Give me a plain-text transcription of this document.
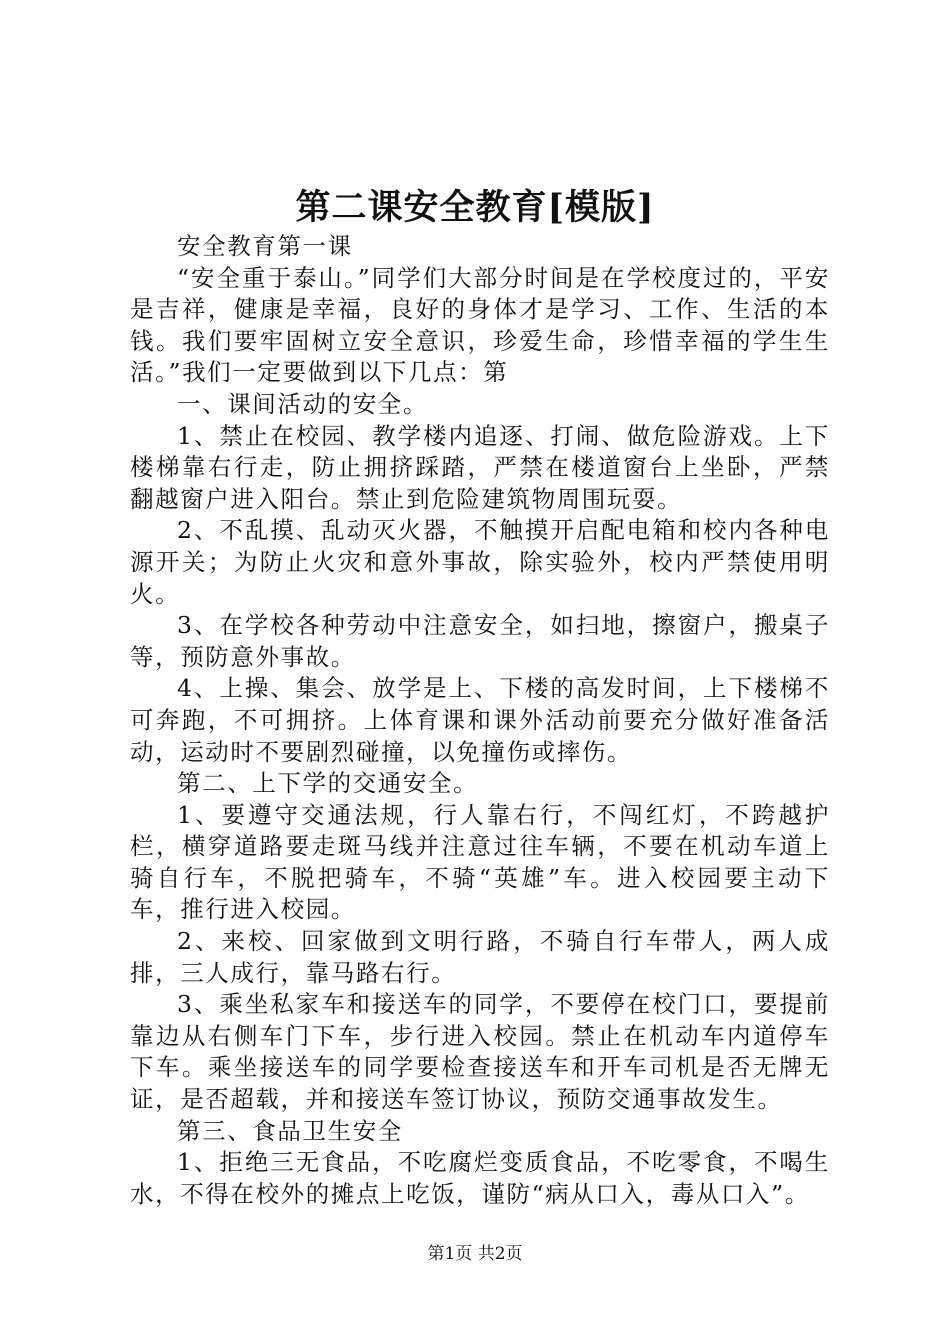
第二课安全教育[模版]

安全教育第一课

“安全重于泰山。”同学们大部分时间是在学校度过的，平安是吉祥，健康是幸福，良好的身体才是学习、工作、生活的本钱。我们要牢固树立安全意识，珍爱生命，珍惜幸福的学生生活。”我们一定要做到以下几点：第

一、课间活动的安全。

1、禁止在校园、教学楼内追逐、打闹、做危险游戏。上下楼梯靠右行走，防止拥挤踩踏，严禁在楼道窗台上坐卧，严禁翻越窗户进入阳台。禁止到危险建筑物周围玩耍。

2、不乱摸、乱动灭火器，不触摸开启配电箱和校内各种电源开关；为防止火灾和意外事故，除实验外，校内严禁使用明火。

3、在学校各种劳动中注意安全，如扫地，擦窗户，搬桌子等，预防意外事故。

4、上操、集会、放学是上、下楼的高发时间，上下楼梯不可奔跑，不可拥挤。上体育课和课外活动前要充分做好准备活动，运动时不要剧烈碰撞，以免撞伤或摔伤。

第二、上下学的交通安全。

1、要遵守交通法规，行人靠右行，不闯红灯，不跨越护栏，横穿道路要走斑马线并注意过往车辆，不要在机动车道上骑自行车，不脱把骑车，不骑“英雄”车。进入校园要主动下车，推行进入校园。

2、来校、回家做到文明行路，不骑自行车带人，两人成排，三人成行，靠马路右行。

3、乘坐私家车和接送车的同学，不要停在校门口，要提前靠边从右侧车门下车，步行进入校园。禁止在机动车内道停车下车。乘坐接送车的同学要检查接送车和开车司机是否无牌无证，是否超载，并和接送车签订协议，预防交通事故发生。

第三、食品卫生安全

1、拒绝三无食品，不吃腐烂变质食品，不吃零食，不喝生水，不得在校外的摊点上吃饭，谨防“病从口入，毒从口入”。

第1页 共2页
